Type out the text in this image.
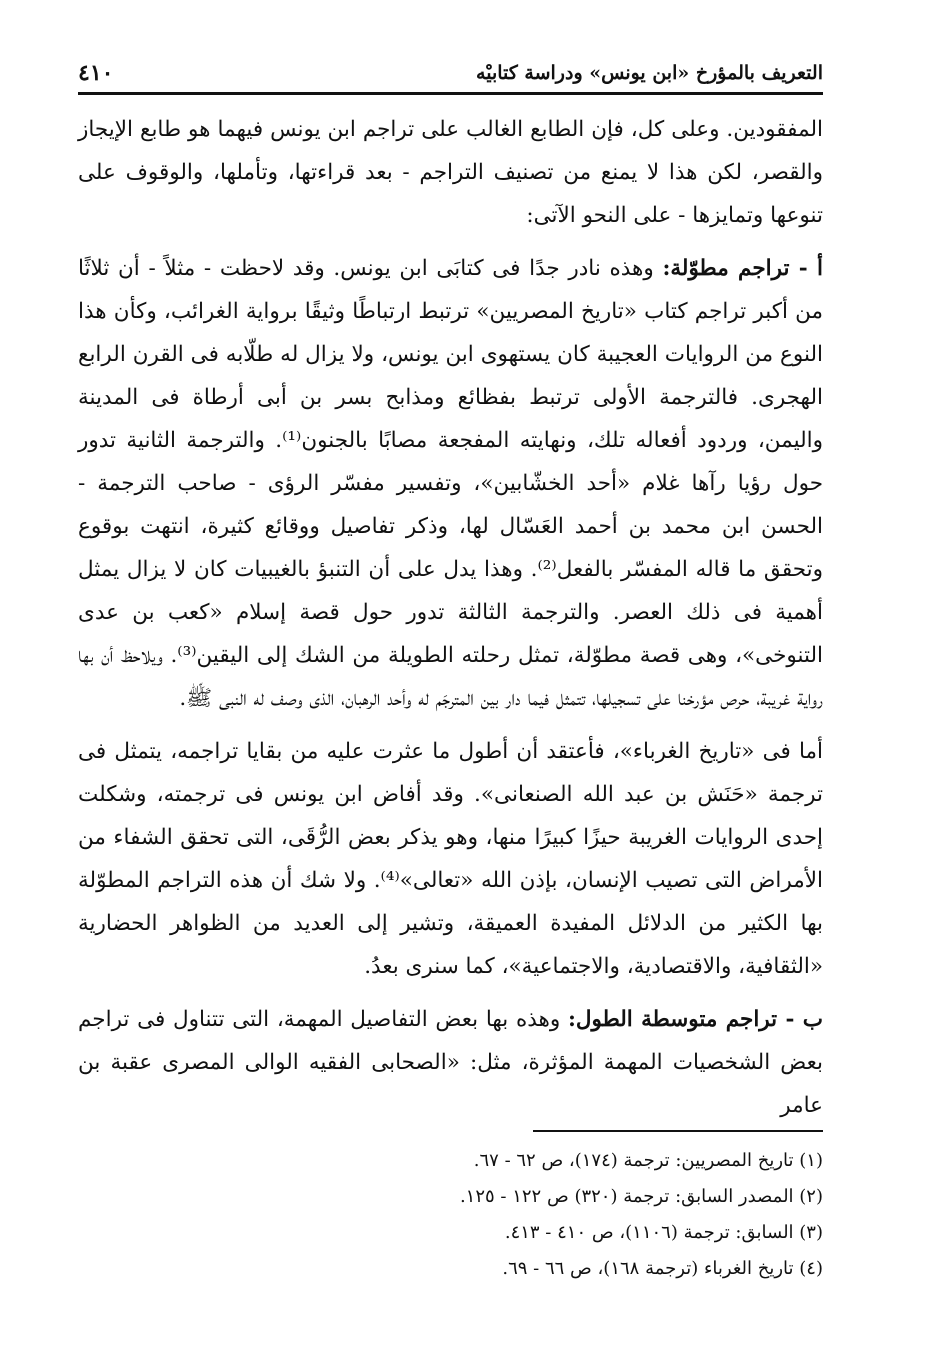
التعريف بالمؤرخ «ابن يونس» ودراسة كتابيْه
٤١٠

المفقودين. وعلى كل، فإن الطابع الغالب على تراجم ابن يونس فيهما هو طابع الإيجاز والقصر، لكن هذا لا يمنع من تصنيف التراجم - بعد قراءتها، وتأملها، والوقوف على تنوعها وتمايزها - على النحو الآتى:

أ - تراجم مطوّلة: وهذه نادر جدًا فى كتابَى ابن يونس. وقد لاحظت - مثلاً - أن ثلاثًا من أكبر تراجم كتاب «تاريخ المصريين» ترتبط ارتباطًا وثيقًا برواية الغرائب، وكأن هذا النوع من الروايات العجيبة كان يستهوى ابن يونس، ولا يزال له طلّابه فى القرن الرابع الهجرى. فالترجمة الأولى ترتبط بفظائع ومذابح بسر بن أبى أرطاة فى المدينة واليمن، وردود أفعاله تلك، ونهايته المفجعة مصابًا بالجنون⁽¹⁾. والترجمة الثانية تدور حول رؤيا رآها غلام «أحد الخشّابين»، وتفسير مفسّر الرؤى - صاحب الترجمة - الحسن ابن محمد بن أحمد العَسّال لها، وذكر تفاصيل ووقائع كثيرة، انتهت بوقوع وتحقق ما قاله المفسّر بالفعل⁽²⁾. وهذا يدل على أن التنبؤ بالغيبيات كان لا يزال يمثل أهمية فى ذلك العصر. والترجمة الثالثة تدور حول قصة إسلام «كعب بن عدى التنوخى»، وهى قصة مطوّلة، تمثل رحلته الطويلة من الشك إلى اليقين⁽³⁾. ويلاحظ أن بها رواية غريبة، حرص مؤرخنا على تسجيلها، تتمثل فيما دار بين المترجَم له وأحد الرهبان، الذى وصف له النبى ﷺ.

أما فى «تاريخ الغرباء»، فأعتقد أن أطول ما عثرت عليه من بقايا تراجمه، يتمثل فى ترجمة «حَنَش بن عبد الله الصنعانى». وقد أفاض ابن يونس فى ترجمته، وشكلت إحدى الروايات الغريبة حيزًا كبيرًا منها، وهو يذكر بعض الرُّقَى، التى تحقق الشفاء من الأمراض التى تصيب الإنسان، بإذن الله «تعالى»⁽⁴⁾. ولا شك أن هذه التراجم المطوّلة بها الكثير من الدلائل المفيدة العميقة، وتشير إلى العديد من الظواهر الحضارية «الثقافية، والاقتصادية، والاجتماعية»، كما سنرى بعدُ.

ب - تراجم متوسطة الطول: وهذه بها بعض التفاصيل المهمة، التى تتناول فى تراجم بعض الشخصيات المهمة المؤثرة، مثل: «الصحابى الفقيه الوالى المصرى عقبة بن عامر

(١) تاريخ المصريين: ترجمة (١٧٤)، ص ٦٢ - ٦٧.

(٢) المصدر السابق: ترجمة (٣٢٠) ص ١٢٢ - ١٢٥.

(٣) السابق: ترجمة (١١٠٦)، ص ٤١٠ - ٤١٣.

(٤) تاريخ الغرباء (ترجمة ١٦٨)، ص ٦٦ - ٦٩.
